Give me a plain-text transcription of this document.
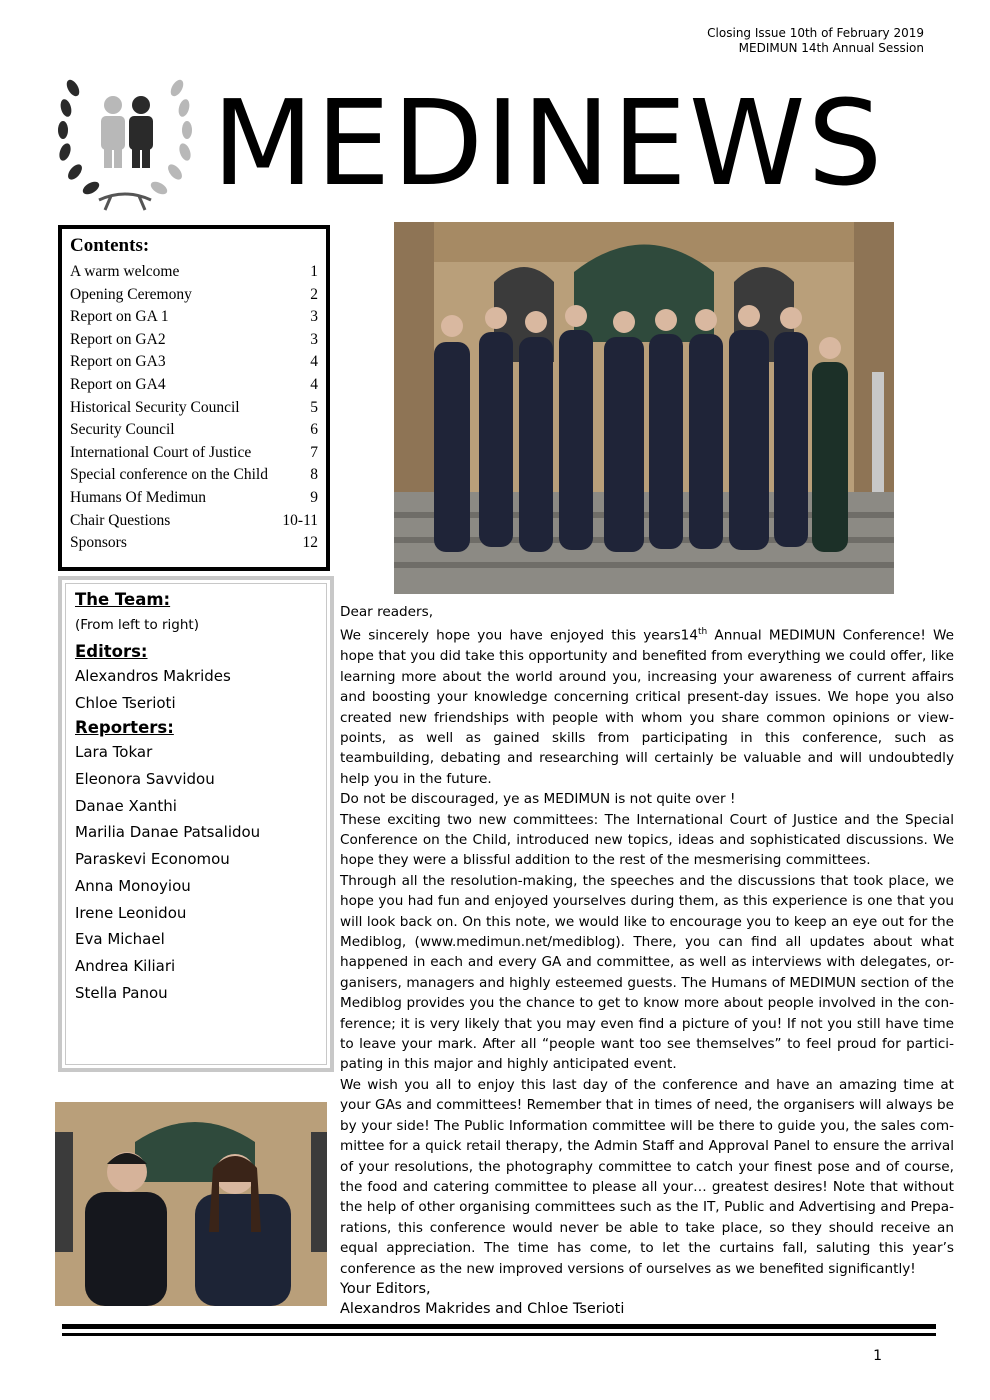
Closing Issue 10th of February 2019
MEDIMUN 14th Annual Session
MEDINEWS
Contents:
A warm welcome	1
Opening Ceremony	2
Report on GA 1	3
Report on GA2	3
Report on GA3	4
Report on GA4	4
Historical Security Council	5
Security Council	6
International Court of Justice	7
Special conference on the Child	8
Humans Of Medimun	9
Chair Questions	10-11
Sponsors	12
The Team:
(From left to right)
Editors:
Alexandros Makrides
Chloe Tserioti
Reporters:
Lara Tokar
Eleonora Savvidou
Danae Xanthi
Marilia Danae Patsalidou
Paraskevi Economou
Anna Monoyiou
Irene Leonidou
Eva Michael
Andrea Kiliari
Stella Panou

Dear readers,

We sincerely hope you have enjoyed this years14th Annual MEDIMUN Conference! We hope that you did take this opportunity and benefited from everything we could offer, like learning more about the world around you, increasing your awareness of current affairs and boosting your knowledge concerning critical present-day issues. We hope you also created new friendships with people with whom you share common opinions or view-points, as well as gained skills from participating in this conference, such as teambuilding, debating and researching will certainly be valuable and will undoubtedly help you in the future.

Do not be discouraged, ye as MEDIMUN is not quite over !

These exciting two new committees: The International Court of Justice and the Special Conference on the Child, introduced new topics, ideas and sophisticated discussions. We hope they were a blissful addition to the rest of the mesmerising committees.

Through all the resolution-making, the speeches and the discussions that took place, we hope you had fun and enjoyed yourselves during them, as this experience is one that you will look back on. On this note, we would like to encourage you to keep an eye out for the Mediblog, (www.medimun.net/mediblog). There, you can find all updates about what happened in each and every GA and committee, as well as interviews with delegates, or-ganisers, managers and highly esteemed guests. The Humans of MEDIMUN section of the Mediblog provides you the chance to get to know more about people involved in the con-ference; it is very likely that you may even find a picture of you! If not you still have time to leave your mark. After all “people want too see themselves” to feel proud for partici-pating in this major and highly anticipated event.

We wish you all to enjoy this last day of the conference and have an amazing time at your GAs and committees! Remember that in times of need, the organisers will always be by your side! The Public Information committee will be there to guide you, the sales com-mittee for a quick retail therapy, the Admin Staff and Approval Panel to ensure the arrival of your resolutions, the photography committee to catch your finest pose and of course, the food and catering committee to please all your… greatest desires! Note that without the help of other organising committees such as the IT, Public and Advertising and Prepa-rations, this conference would never be able to take place, so they should receive an equal appreciation. The time has come, to let the curtains fall, saluting this year’s conference as the new improved versions of ourselves as we benefited significantly!

Your Editors,

Alexandros Makrides and Chloe Tserioti

1
